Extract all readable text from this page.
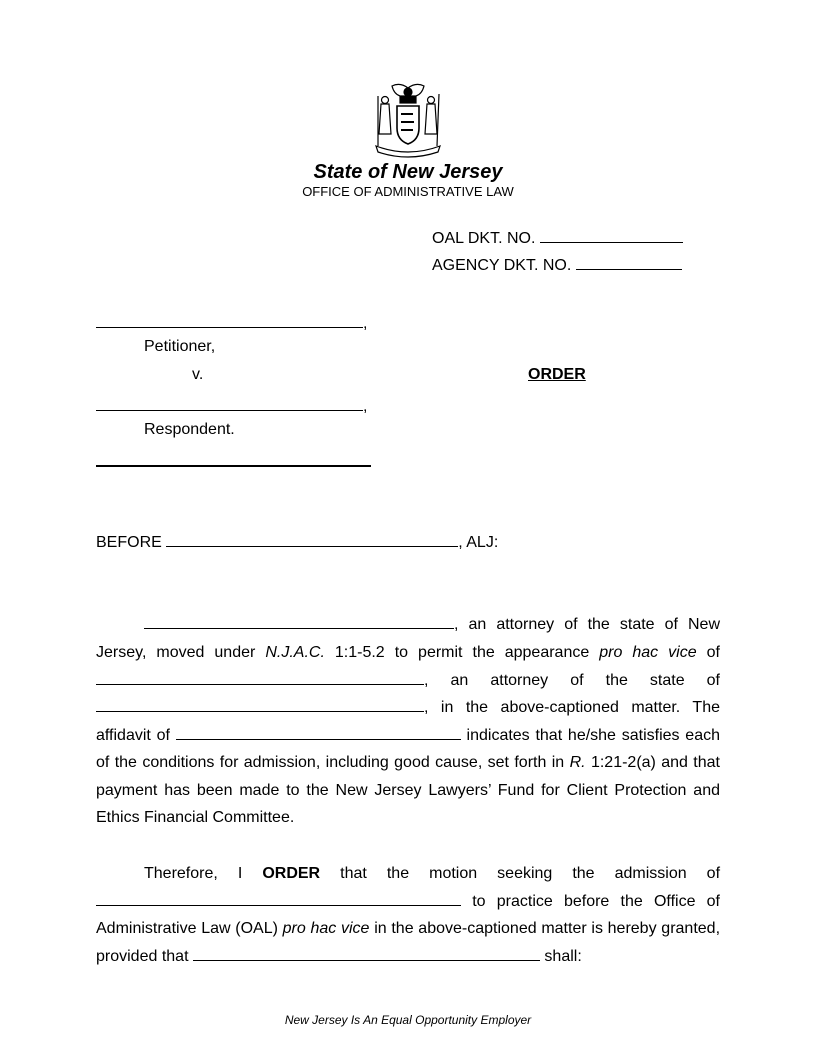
State of New Jersey
OFFICE OF ADMINISTRATIVE LAW
OAL DKT. NO.
AGENCY DKT. NO.
,
Petitioner,
v.	ORDER
,
Respondent.
BEFORE	, ALJ:
, an attorney of the state of New
Jersey, moved under N.J.A.C. 1:1-5.2 to permit the appearance pro hac vice of
, an attorney of the state of
, in the above-captioned matter. The
affidavit of	indicates that he/she satisfies each
of the conditions for admission, including good cause, set forth in R. 1:21-2(a) and that
payment has been made to the New Jersey Lawyers’ Fund for Client Protection and
Ethics Financial Committee.
Therefore, I ORDER that the motion seeking the admission of
to practice before the Office of
Administrative Law (OAL) pro hac vice in the above-captioned matter is hereby granted,
provided that	shall:
New Jersey Is An Equal Opportunity Employer
